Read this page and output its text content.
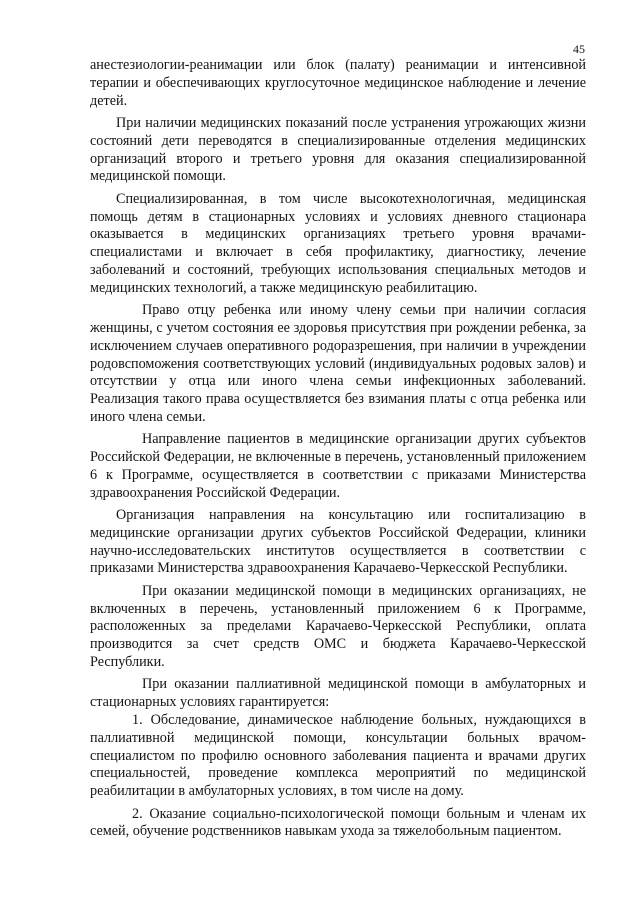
45

анестезиологии-реанимации или блок (палату) реанимации и интенсивной терапии и обеспечивающих круглосуточное медицинское наблюдение и лечение детей.

При наличии медицинских показаний после устранения угрожающих жизни состояний дети переводятся в специализированные отделения медицинских организаций второго и третьего уровня для оказания специализированной медицинской помощи.

Специализированная, в том числе высокотехнологичная, медицинская помощь детям в стационарных условиях и условиях дневного стационара оказывается в медицинских организациях третьего уровня врачами-специалистами и включает в себя профилактику, диагностику, лечение заболеваний и состояний, требующих использования специальных методов и медицинских технологий, а также медицинскую реабилитацию.

Право отцу ребенка или иному члену семьи при наличии согласия женщины, с учетом состояния ее здоровья присутствия при рождении ребенка, за исключением случаев оперативного родоразрешения, при наличии в учреждении родовспоможения соответствующих условий (индивидуальных родовых залов) и отсутствии у отца или иного члена семьи инфекционных заболеваний. Реализация такого права осуществляется без взимания платы с отца ребенка или иного члена семьи.

Направление пациентов в медицинские организации других субъектов Российской Федерации, не включенные в перечень, установленный приложением 6 к Программе, осуществляется в соответствии с приказами Министерства здравоохранения Российской Федерации.

Организация направления на консультацию или госпитализацию в медицинские организации других субъектов Российской Федерации, клиники научно-исследовательских институтов осуществляется в соответствии с приказами Министерства здравоохранения Карачаево-Черкесской Республики.

При оказании медицинской помощи в медицинских организациях, не включенных в перечень, установленный приложением 6 к Программе, расположенных за пределами Карачаево-Черкесской Республики, оплата производится за счет средств ОМС и бюджета Карачаево-Черкесской Республики.

При оказании паллиативной медицинской помощи в амбулаторных и стационарных условиях гарантируется:

1. Обследование, динамическое наблюдение больных, нуждающихся в паллиативной медицинской помощи, консультации больных врачом-специалистом по профилю основного заболевания пациента и врачами других специальностей, проведение комплекса мероприятий по медицинской реабилитации в амбулаторных условиях, в том числе на дому.

2. Оказание социально-психологической помощи больным и членам их семей, обучение родственников навыкам ухода за тяжелобольным пациентом.
